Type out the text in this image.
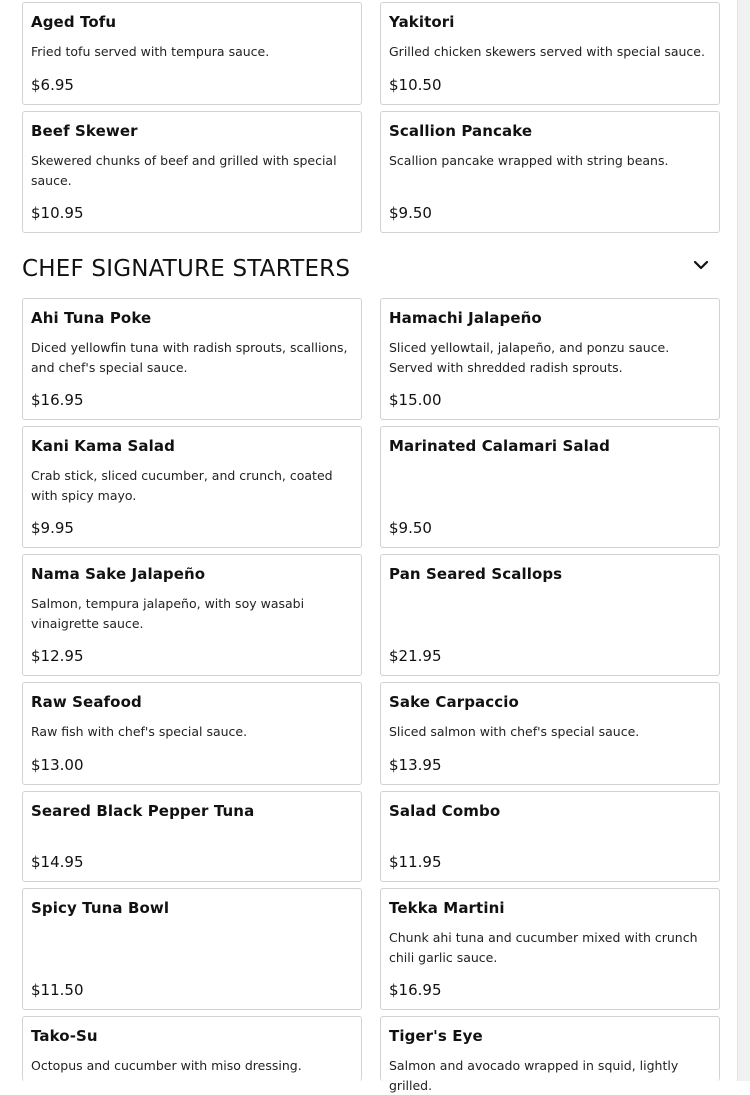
Aged Tofu
Fried tofu served with tempura sauce.
$6.95
Yakitori
Grilled chicken skewers served with special sauce.
$10.50
Beef Skewer
Skewered chunks of beef and grilled with special sauce.
$10.95
Scallion Pancake
Scallion pancake wrapped with string beans.
$9.50
CHEF SIGNATURE STARTERS
Ahi Tuna Poke
Diced yellowfin tuna with radish sprouts, scallions, and chef's special sauce.
$16.95
Hamachi Jalapeño
Sliced yellowtail, jalapeño, and ponzu sauce. Served with shredded radish sprouts.
$15.00
Kani Kama Salad
Crab stick, sliced cucumber, and crunch, coated with spicy mayo.
$9.95
Marinated Calamari Salad
$9.50
Nama Sake Jalapeño
Salmon, tempura jalapeño, with soy wasabi vinaigrette sauce.
$12.95
Pan Seared Scallops
$21.95
Raw Seafood
Raw fish with chef's special sauce.
$13.00
Sake Carpaccio
Sliced salmon with chef's special sauce.
$13.95
Seared Black Pepper Tuna
$14.95
Salad Combo
$11.95
Spicy Tuna Bowl
$11.50
Tekka Martini
Chunk ahi tuna and cucumber mixed with crunch chili garlic sauce.
$16.95
Tako-Su
Octopus and cucumber with miso dressing.
Tiger's Eye
Salmon and avocado wrapped in squid, lightly grilled.
